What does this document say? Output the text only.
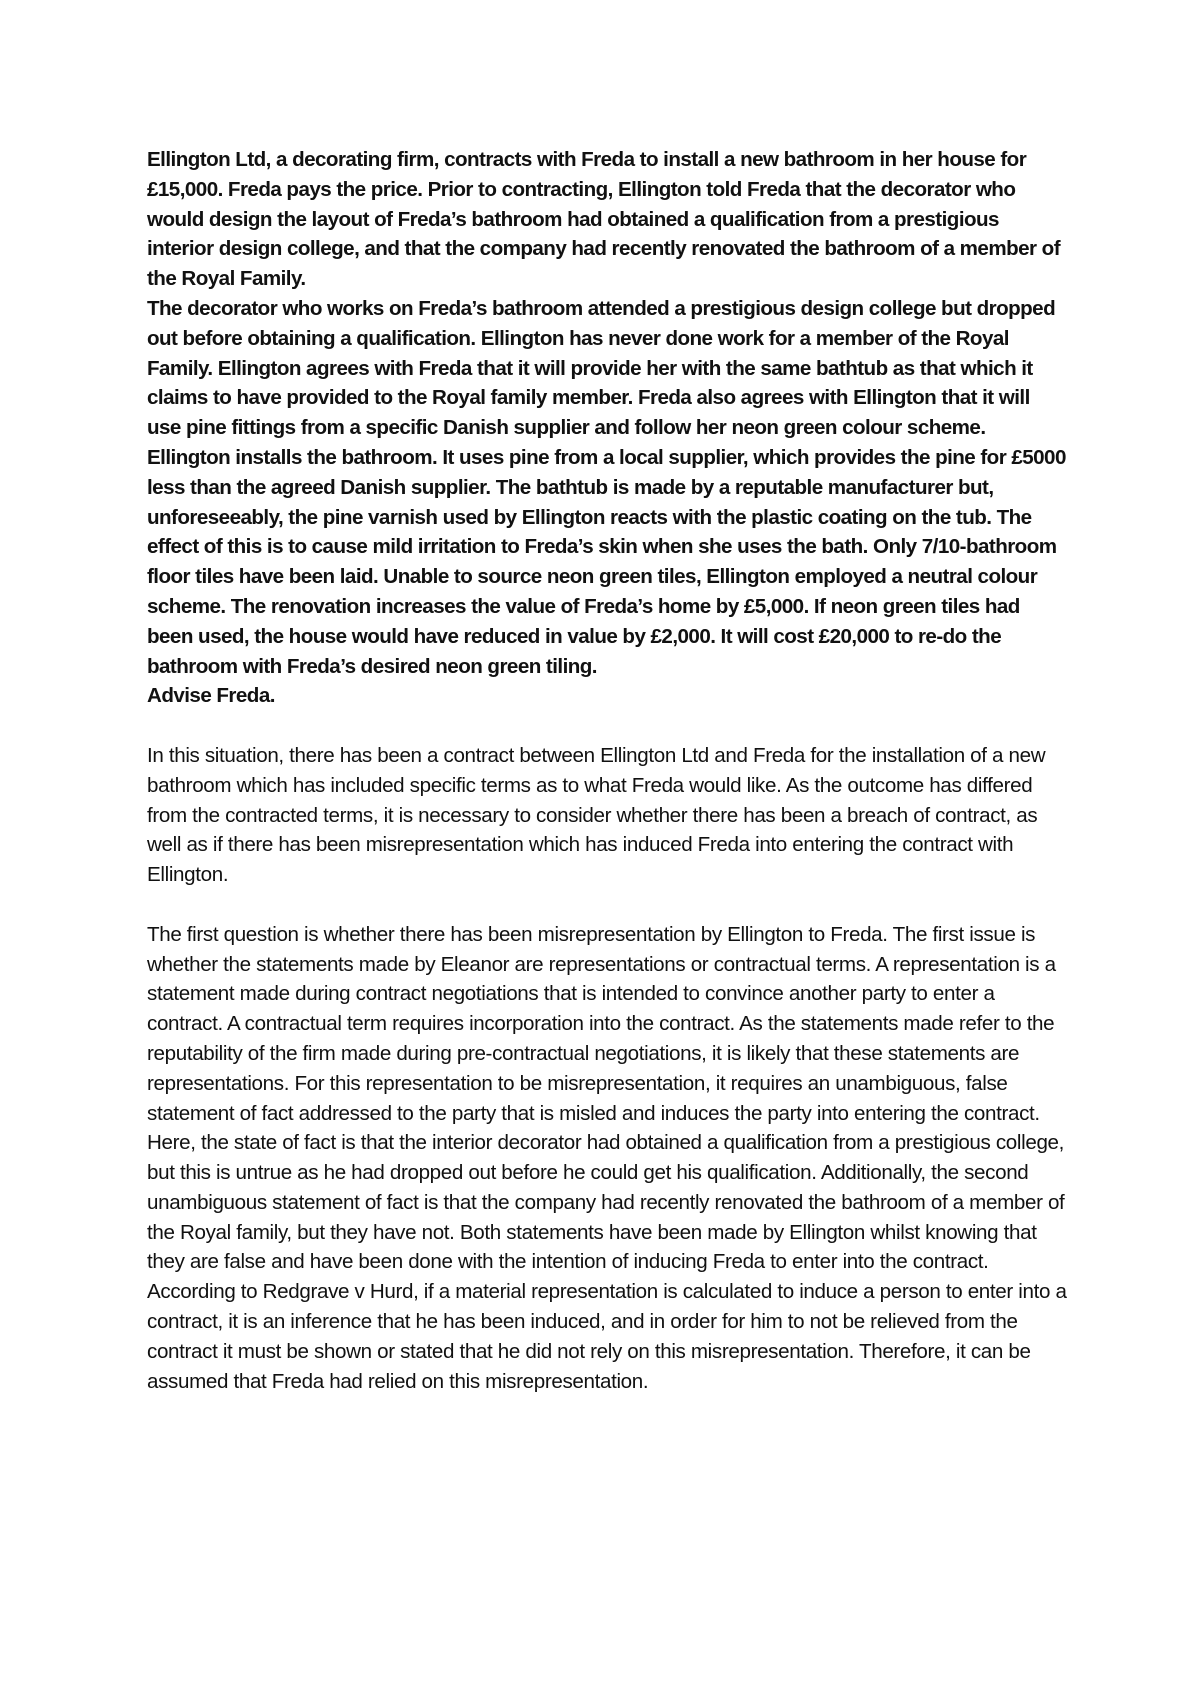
Ellington Ltd, a decorating firm, contracts with Freda to install a new bathroom in her house for £15,000. Freda pays the price. Prior to contracting, Ellington told Freda that the decorator who would design the layout of Freda’s bathroom had obtained a qualification from a prestigious interior design college, and that the company had recently renovated the bathroom of a member of the Royal Family.

The decorator who works on Freda’s bathroom attended a prestigious design college but dropped out before obtaining a qualification. Ellington has never done work for a member of the Royal Family. Ellington agrees with Freda that it will provide her with the same bathtub as that which it claims to have provided to the Royal family member. Freda also agrees with Ellington that it will use pine fittings from a specific Danish supplier and follow her neon green colour scheme.

Ellington installs the bathroom. It uses pine from a local supplier, which provides the pine for £5000 less than the agreed Danish supplier. The bathtub is made by a reputable manufacturer but, unforeseeably, the pine varnish used by Ellington reacts with the plastic coating on the tub. The effect of this is to cause mild irritation to Freda’s skin when she uses the bath. Only 7/10-bathroom floor tiles have been laid. Unable to source neon green tiles, Ellington employed a neutral colour scheme. The renovation increases the value of Freda’s home by £5,000. If neon green tiles had been used, the house would have reduced in value by £2,000. It will cost £20,000 to re-do the bathroom with Freda’s desired neon green tiling.

Advise Freda.

In this situation, there has been a contract between Ellington Ltd and Freda for the installation of a new bathroom which has included specific terms as to what Freda would like. As the outcome has differed from the contracted terms, it is necessary to consider whether there has been a breach of contract, as well as if there has been misrepresentation which has induced Freda into entering the contract with Ellington.

The first question is whether there has been misrepresentation by Ellington to Freda. The first issue is whether the statements made by Eleanor are representations or contractual terms. A representation is a statement made during contract negotiations that is intended to convince another party to enter a contract. A contractual term requires incorporation into the contract. As the statements made refer to the reputability of the firm made during pre-contractual negotiations, it is likely that these statements are representations. For this representation to be misrepresentation, it requires an unambiguous, false statement of fact addressed to the party that is misled and induces the party into entering the contract. Here, the state of fact is that the interior decorator had obtained a qualification from a prestigious college, but this is untrue as he had dropped out before he could get his qualification. Additionally, the second unambiguous statement of fact is that the company had recently renovated the bathroom of a member of the Royal family, but they have not. Both statements have been made by Ellington whilst knowing that they are false and have been done with the intention of inducing Freda to enter into the contract. According to Redgrave v Hurd, if a material representation is calculated to induce a person to enter into a contract, it is an inference that he has been induced, and in order for him to not be relieved from the contract it must be shown or stated that he did not rely on this misrepresentation. Therefore, it can be assumed that Freda had relied on this misrepresentation.
